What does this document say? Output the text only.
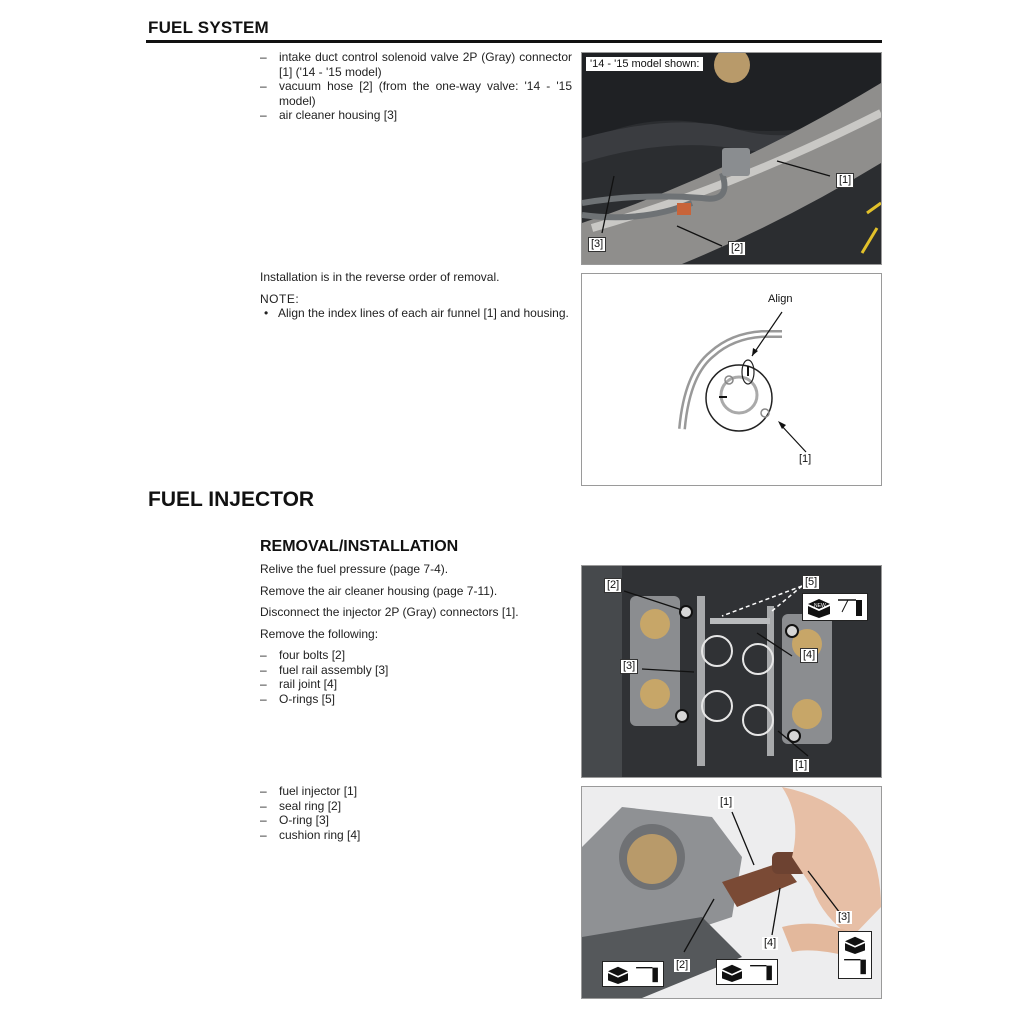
FUEL SYSTEM
– intake duct control solenoid valve 2P (Gray) connector [1] ('14 - '15 model)
– vacuum hose [2] (from the one-way valve: '14 - '15 model)
– air cleaner housing [3]
'14 - '15 model shown:
[1]
[2]
[3]

Installation is in the reverse order of removal.

NOTE:
• Align the index lines of each air funnel [1] and housing.
Align
[1]
FUEL INJECTOR
REMOVAL/INSTALLATION

Relive the fuel pressure (page 7-4).

Remove the air cleaner housing (page 7-11).

Disconnect the injector 2P (Gray) connectors [1].

Remove the following:

– four bolts [2]
– fuel rail assembly [3]
– rail joint [4]
– O-rings [5]
[2]
[3]
[5]
[4]
[1]
NEW
– fuel injector [1]
– seal ring [2]
– O-ring [3]
– cushion ring [4]
[1]
[2]
[3]
[4]
